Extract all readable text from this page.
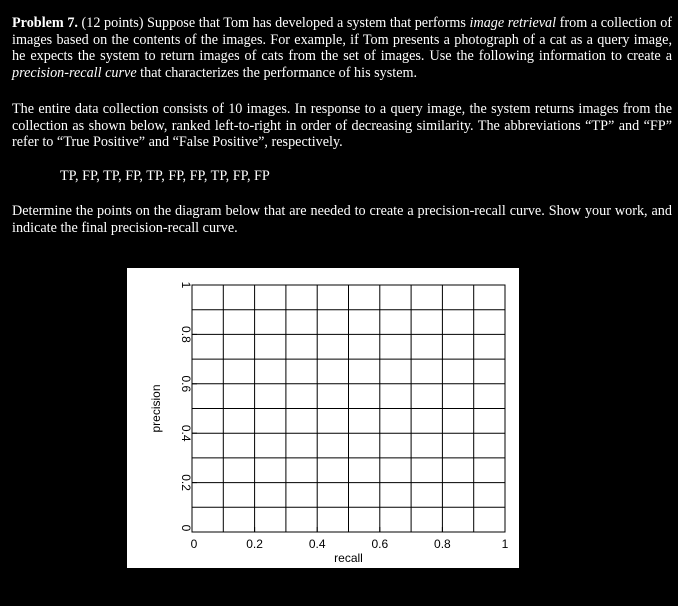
Problem 7. (12 points) Suppose that Tom has developed a system that performs image retrieval from a collection of images based on the contents of the images. For example, if Tom presents a photograph of a cat as a query image, he expects the system to return images of cats from the set of images. Use the following information to create a precision-recall curve that characterizes the performance of his system.

The entire data collection consists of 10 images. In response to a query image, the system returns images from the collection as shown below, ranked left-to-right in order of decreasing similarity. The abbreviations “TP” and “FP” refer to “True Positive” and “False Positive”, respectively.

TP, FP, TP, FP, TP, FP, FP, TP, FP, FP

Determine the points on the diagram below that are needed to create a precision-recall curve. Show your work, and indicate the final precision-recall curve.

0	0.2	0.4	0.6	0.8	1
0
0.2
0.4
0.6
0.8
1
recall
precision
